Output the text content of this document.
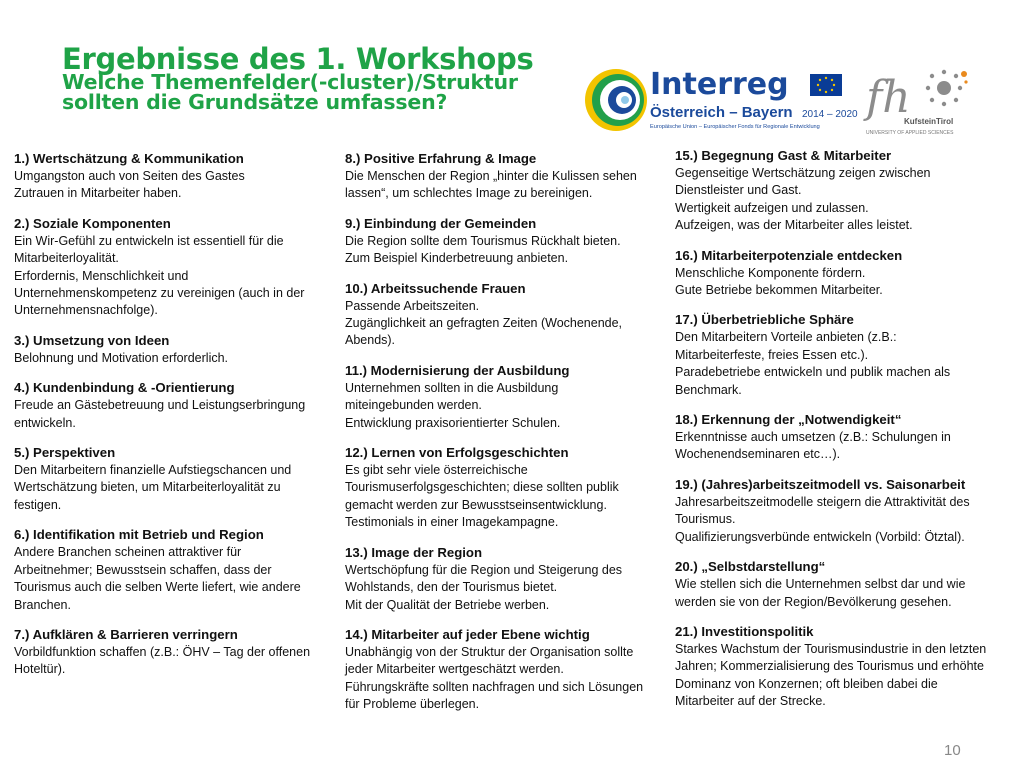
Ergebnisse des 1. Workshops
Welche Themenfelder(-cluster)/Struktur
sollten die Grundsätze umfassen?	Interreg
Österreich – Bayern 2014 – 2020
Europäische Union – Europäischer Fonds für Regionale Entwicklung
fh
KufsteinTirol
UNIVERSITY OF APPLIED SCIENCES
1.) Wertschätzung & Kommunikation

Umgangston auch von Seiten des Gastes

Zutrauen in Mitarbeiter haben.

2.) Soziale Komponenten

Ein Wir-Gefühl zu entwickeln ist essentiell für die

Mitarbeiterloyalität.

Erfordernis, Menschlichkeit und

Unternehmenskompetenz zu vereinigen (auch in der

Unternehmensnachfolge).

3.) Umsetzung von Ideen

Belohnung und Motivation erforderlich.

4.) Kundenbindung & -Orientierung

Freude an Gästebetreuung und Leistungserbringung

entwickeln.

5.) Perspektiven

Den Mitarbeitern finanzielle Aufstiegschancen und

Wertschätzung bieten, um Mitarbeiterloyalität zu

festigen.

6.) Identifikation mit Betrieb und Region

Andere Branchen scheinen attraktiver für

Arbeitnehmer; Bewusstsein schaffen, dass der

Tourismus auch die selben Werte liefert, wie andere

Branchen.

7.) Aufklären & Barrieren verringern

Vorbildfunktion schaffen (z.B.: ÖHV – Tag der offenen

Hoteltür).

8.) Positive Erfahrung & Image

Die Menschen der Region „hinter die Kulissen sehen

lassen“, um schlechtes Image zu bereinigen.

9.) Einbindung der Gemeinden

Die Region sollte dem Tourismus Rückhalt bieten.

Zum Beispiel Kinderbetreuung anbieten.

10.) Arbeitssuchende Frauen

Passende Arbeitszeiten.

Zugänglichkeit an gefragten Zeiten (Wochenende,

Abends).

11.) Modernisierung der Ausbildung

Unternehmen sollten in die Ausbildung

miteingebunden werden.

Entwicklung praxisorientierter Schulen.

12.) Lernen von Erfolgsgeschichten

Es gibt sehr viele österreichische

Tourismuserfolgsgeschichten; diese sollten publik

gemacht werden zur Bewusstseinsentwicklung.

Testimonials in einer Imagekampagne.

13.) Image der Region

Wertschöpfung für die Region und Steigerung des

Wohlstands, den der Tourismus bietet.

Mit der Qualität der Betriebe werben.

14.) Mitarbeiter auf jeder Ebene wichtig

Unabhängig von der Struktur der Organisation sollte

jeder Mitarbeiter wertgeschätzt werden.

Führungskräfte sollten nachfragen und sich Lösungen

für Probleme überlegen.

15.) Begegnung Gast & Mitarbeiter

Gegenseitige Wertschätzung zeigen zwischen

Dienstleister und Gast.

Wertigkeit aufzeigen und zulassen.

Aufzeigen, was der Mitarbeiter alles leistet.

16.) Mitarbeiterpotenziale entdecken

Menschliche Komponente fördern.

Gute Betriebe bekommen Mitarbeiter.

17.) Überbetriebliche Sphäre

Den Mitarbeitern Vorteile anbieten (z.B.:

Mitarbeiterfeste, freies Essen etc.).

Paradebetriebe entwickeln und publik machen als

Benchmark.

18.) Erkennung der „Notwendigkeit“

Erkenntnisse auch umsetzen (z.B.: Schulungen in

Wochenendseminaren etc…).

19.) (Jahres)arbeitszeitmodell vs. Saisonarbeit

Jahresarbeitszeitmodelle steigern die Attraktivität des

Tourismus.

Qualifizierungsverbünde entwickeln (Vorbild: Ötztal).

20.) „Selbstdarstellung“

Wie stellen sich die Unternehmen selbst dar und wie

werden sie von der Region/Bevölkerung gesehen.

21.) Investitionspolitik

Starkes Wachstum der Tourismusindustrie in den letzten

Jahren; Kommerzialisierung des Tourismus und erhöhte

Dominanz von Konzernen; oft bleiben dabei die

Mitarbeiter auf der Strecke.

10
